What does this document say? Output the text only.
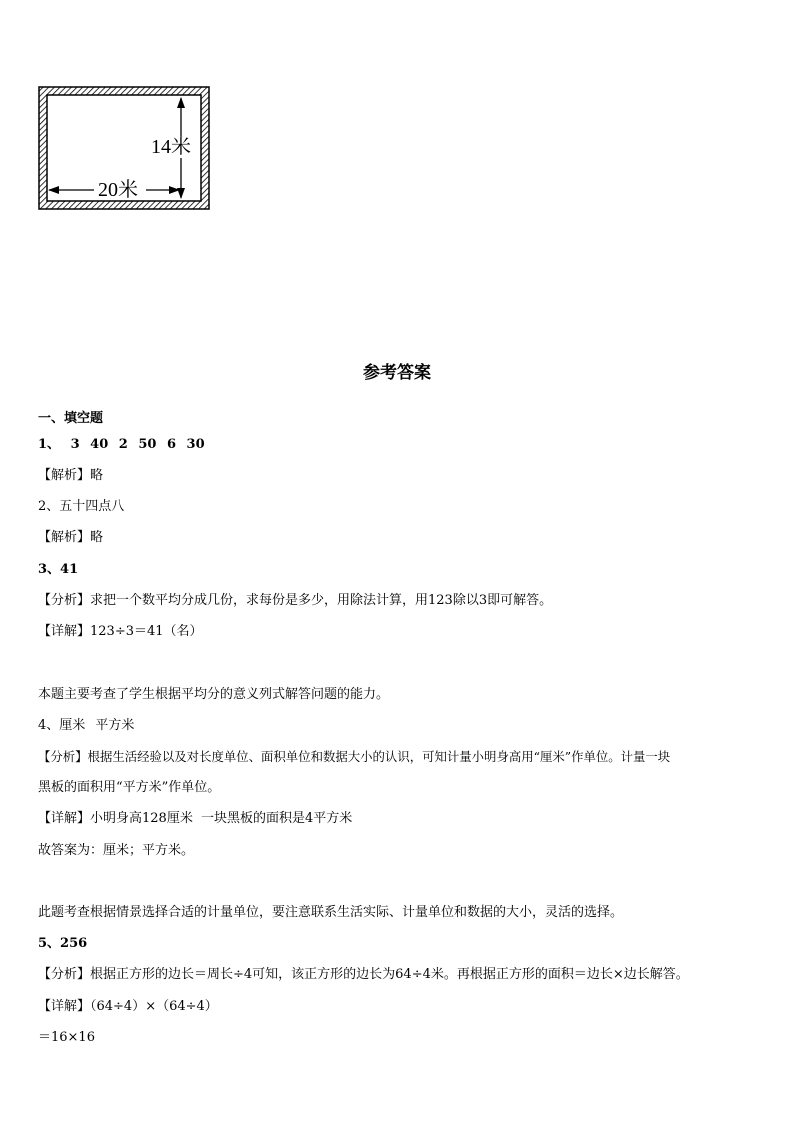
14米
20米
参考答案
一、填空题
1、 3 40 2 50 6 30
【解析】略
2、五十四点八
【解析】略
3、41
【分析】求把一个数平均分成几份，求每份是多少，用除法计算，用123除以3即可解答。
【详解】123÷3＝41（名）
本题主要考查了学生根据平均分的意义列式解答问题的能力。
4、厘米 平方米
【分析】根据生活经验以及对长度单位、面积单位和数据大小的认识，可知计量小明身高用“厘米”作单位。计量一块
黑板的面积用“平方米”作单位。
【详解】小明身高128厘米 一块黑板的面积是4平方米
故答案为：厘米；平方米。
此题考查根据情景选择合适的计量单位，要注意联系生活实际、计量单位和数据的大小，灵活的选择。
5、256
【分析】根据正方形的边长＝周长÷4可知，该正方形的边长为64÷4米。再根据正方形的面积＝边长×边长解答。
【详解】（64÷4）×（64÷4）
＝16×16
